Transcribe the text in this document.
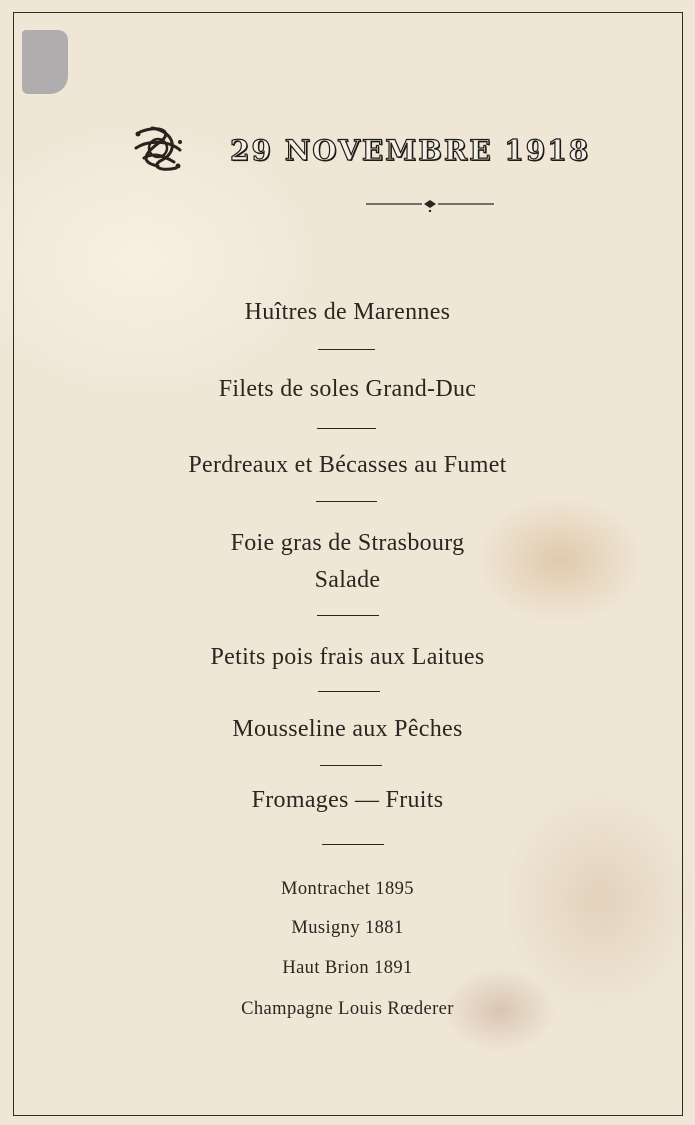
29 NOVEMBRE 1918
Huîtres de Marennes
Filets de soles Grand-Duc
Perdreaux et Bécasses au Fumet
Foie gras de Strasbourg
Salade
Petits pois frais aux Laitues
Mousseline aux Pêches
Fromages — Fruits
Montrachet 1895
Musigny 1881
Haut Brion 1891
Champagne Louis Rœderer
